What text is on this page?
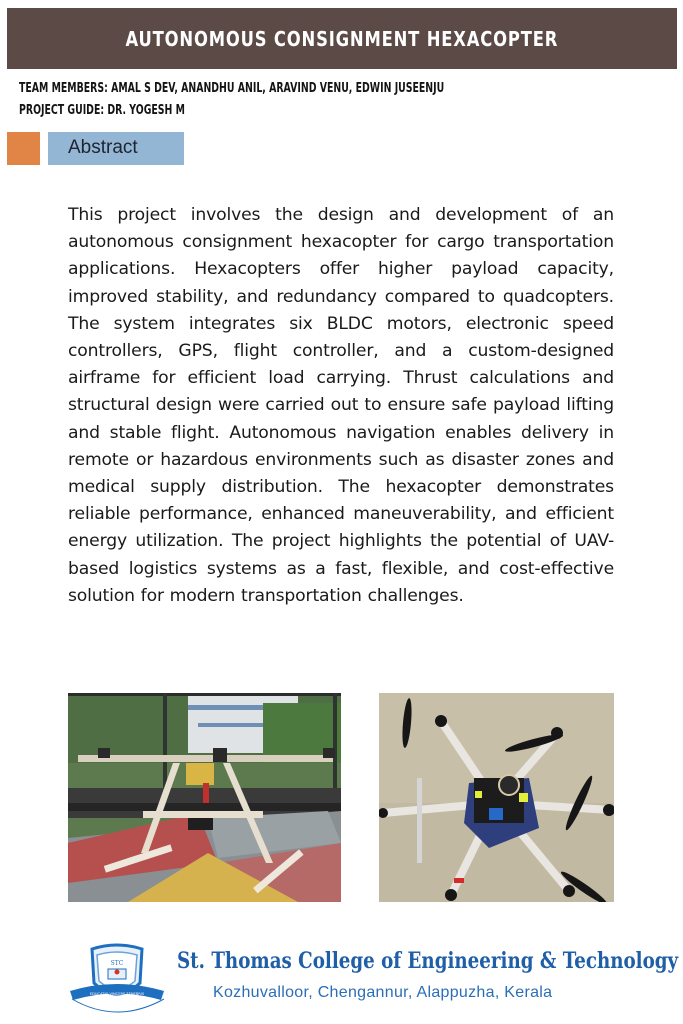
AUTONOMOUS CONSIGNMENT HEXACOPTER
TEAM MEMBERS: AMAL S DEV, ANANDHU ANIL, ARAVIND VENU, EDWIN JUSEENJU
PROJECT GUIDE: DR. YOGESH M
Abstract

This project involves the design and development of an autonomous consignment hexacopter for cargo transportation applications. Hexacopters offer higher payload capacity, improved stability, and redundancy compared to quadcopters. The system integrates six BLDC motors, electronic speed controllers, GPS, flight controller, and a custom-designed airframe for efficient load carrying. Thrust calculations and structural design were carried out to ensure safe payload lifting and stable flight. Autonomous navigation enables delivery in remote or hazardous environments such as disaster zones and medical supply distribution. The hexacopter demonstrates reliable performance, enhanced maneuverability, and efficient energy utilization. The project highlights the potential of UAV-based logistics systems as a fast, flexible, and cost-effective solution for modern transportation challenges.

STC
EDUCATIO VINCERE TENEBRIS
St. Thomas College of Engineering & Technology
Kozhuvalloor, Chengannur, Alappuzha, Kerala
